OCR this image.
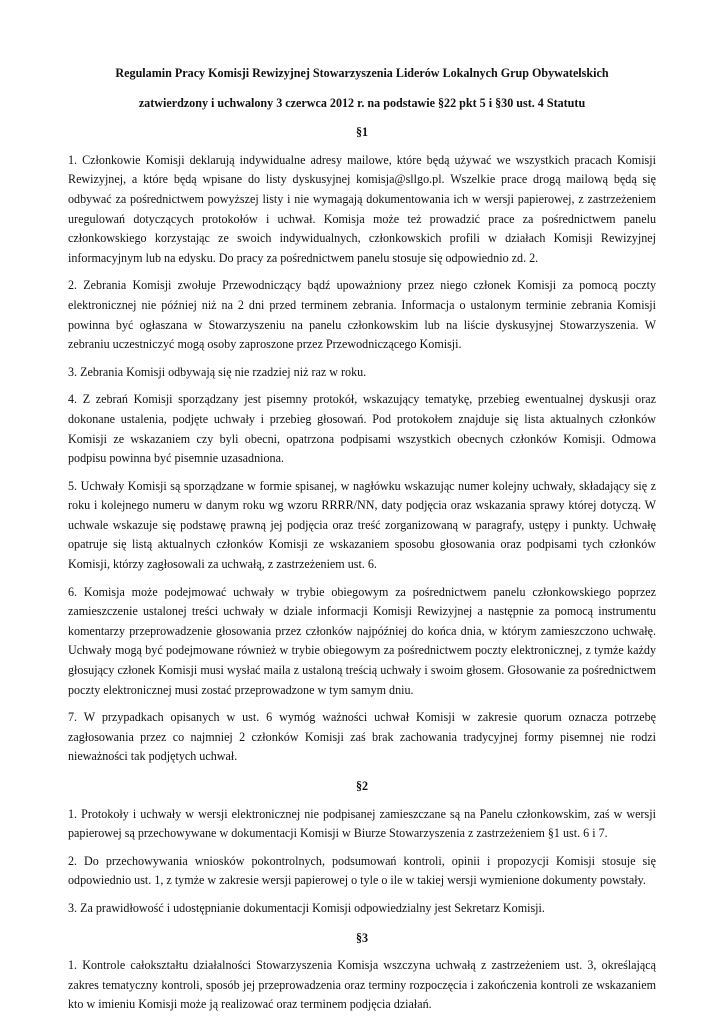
Regulamin Pracy Komisji Rewizyjnej Stowarzyszenia Liderów Lokalnych Grup Obywatelskich

zatwierdzony i uchwalony 3 czerwca 2012 r. na podstawie §22 pkt 5 i §30 ust. 4 Statutu

§1

1. Członkowie Komisji deklarują indywidualne adresy mailowe, które będą używać we wszystkich pracach Komisji Rewizyjnej, a które będą wpisane do listy dyskusyjnej komisja@sllgo.pl. Wszelkie prace drogą mailową będą się odbywać za pośrednictwem powyższej listy i nie wymagają dokumentowania ich w wersji papierowej, z zastrzeżeniem uregulowań dotyczących protokołów i uchwał. Komisja może też prowadzić prace za pośrednictwem panelu członkowskiego korzystając ze swoich indywidualnych, członkowskich profili w działach Komisji Rewizyjnej informacyjnym lub na edysku. Do pracy za pośrednictwem panelu stosuje się odpowiednio zd. 2.

2. Zebrania Komisji zwołuje Przewodniczący bądź upoważniony przez niego członek Komisji za pomocą poczty elektronicznej nie później niż na 2 dni przed terminem zebrania. Informacja o ustalonym terminie zebrania Komisji powinna być ogłaszana w Stowarzyszeniu na panelu członkowskim lub na liście dyskusyjnej Stowarzyszenia. W zebraniu uczestniczyć mogą osoby zaproszone przez Przewodniczącego Komisji.

3. Zebrania Komisji odbywają się nie rzadziej niż raz w roku.

4. Z zebrań Komisji sporządzany jest pisemny protokół, wskazujący tematykę, przebieg ewentualnej dyskusji oraz dokonane ustalenia, podjęte uchwały i przebieg głosowań. Pod protokołem znajduje się lista aktualnych członków Komisji ze wskazaniem czy byli obecni, opatrzona podpisami wszystkich obecnych członków Komisji. Odmowa podpisu powinna być pisemnie uzasadniona.

5. Uchwały Komisji są sporządzane w formie spisanej, w nagłówku wskazując numer kolejny uchwały, składający się z roku i kolejnego numeru w danym roku wg wzoru RRRR/NN, daty podjęcia oraz wskazania sprawy której dotyczą. W uchwale wskazuje się podstawę prawną jej podjęcia oraz treść zorganizowaną w paragrafy, ustępy i punkty. Uchwałę opatruje się listą aktualnych członków Komisji ze wskazaniem sposobu głosowania oraz podpisami tych członków Komisji, którzy zagłosowali za uchwałą, z zastrzeżeniem ust. 6.

6. Komisja może podejmować uchwały w trybie obiegowym za pośrednictwem panelu członkowskiego poprzez zamieszczenie ustalonej treści uchwały w dziale informacji Komisji Rewizyjnej a następnie za pomocą instrumentu komentarzy przeprowadzenie głosowania przez członków najpóźniej do końca dnia, w którym zamieszczono uchwałę. Uchwały mogą być podejmowane również w trybie obiegowym za pośrednictwem poczty elektronicznej, z tymże każdy głosujący członek Komisji musi wysłać maila z ustaloną treścią uchwały i swoim głosem. Głosowanie za pośrednictwem poczty elektronicznej musi zostać przeprowadzone w tym samym dniu.

7. W przypadkach opisanych w ust. 6 wymóg ważności uchwał Komisji w zakresie quorum oznacza potrzebę zagłosowania przez co najmniej 2 członków Komisji zaś brak zachowania tradycyjnej formy pisemnej nie rodzi nieważności tak podjętych uchwał.

§2

1. Protokoły i uchwały w wersji elektronicznej nie podpisanej zamieszczane są na Panelu członkowskim, zaś w wersji papierowej są przechowywane w dokumentacji Komisji w Biurze Stowarzyszenia z zastrzeżeniem §1 ust. 6 i 7.

2. Do przechowywania wniosków pokontrolnych, podsumowań kontroli, opinii i propozycji Komisji stosuje się odpowiednio ust. 1, z tymże w zakresie wersji papierowej o tyle o ile w takiej wersji wymienione dokumenty powstały.

3. Za prawidłowość i udostępnianie dokumentacji Komisji odpowiedzialny jest Sekretarz Komisji.

§3

1. Kontrole całokształtu działalności Stowarzyszenia Komisja wszczyna uchwałą z zastrzeżeniem ust. 3, określającą zakres tematyczny kontroli, sposób jej przeprowadzenia oraz terminy rozpoczęcia i zakończenia kontroli ze wskazaniem kto w imieniu Komisji może ją realizować oraz terminem podjęcia działań.
